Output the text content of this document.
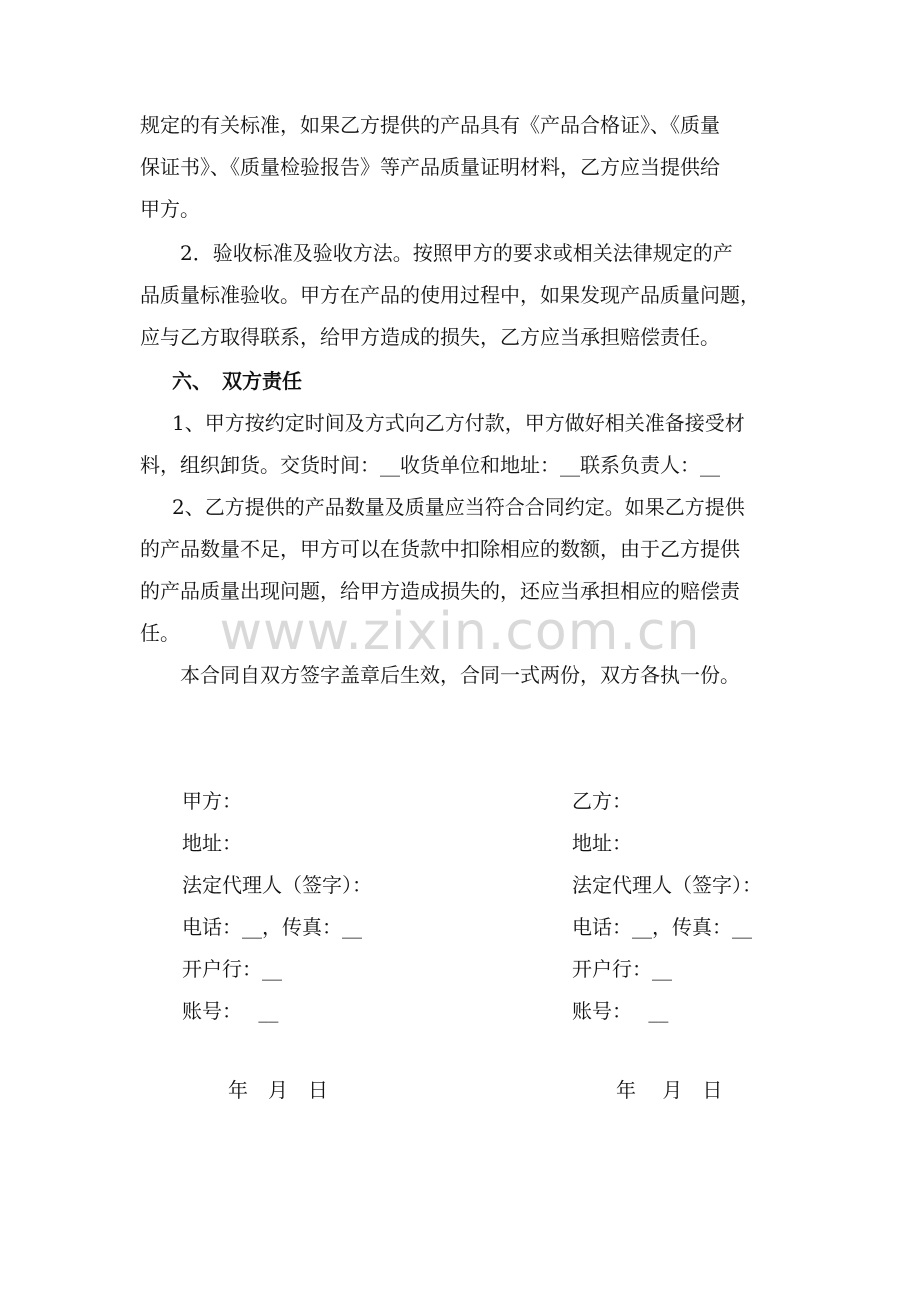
规定的有关标准，如果乙方提供的产品具有《产品合格证》、《质量
保证书》、《质量检验报告》等产品质量证明材料，乙方应当提供给
甲方。

2．验收标准及验收方法。按照甲方的要求或相关法律规定的产
品质量标准验收。甲方在产品的使用过程中，如果发现产品质量问题，
应与乙方取得联系，给甲方造成的损失，乙方应当承担赔偿责任。

六、　双方责任

1、甲方按约定时间及方式向乙方付款，甲方做好相关准备接受材
料，组织卸货。交货时间：__收货单位和地址：__联系负责人：__

2、乙方提供的产品数量及质量应当符合合同约定。如果乙方提供
的产品数量不足，甲方可以在货款中扣除相应的数额，由于乙方提供
的产品质量出现问题，给甲方造成损失的，还应当承担相应的赔偿责
任。 www.zixin.com.cn

本合同自双方签字盖章后生效，合同一式两份，双方各执一份。

甲方：
地址：
法定代理人（签字）：
电话：__，传真：__
开户行：__
账号：　 __
乙方：
地址：
法定代理人（签字）：
电话：__，传真：__
开户行：__
账号：　 __
年　月　日	年　 月　日
